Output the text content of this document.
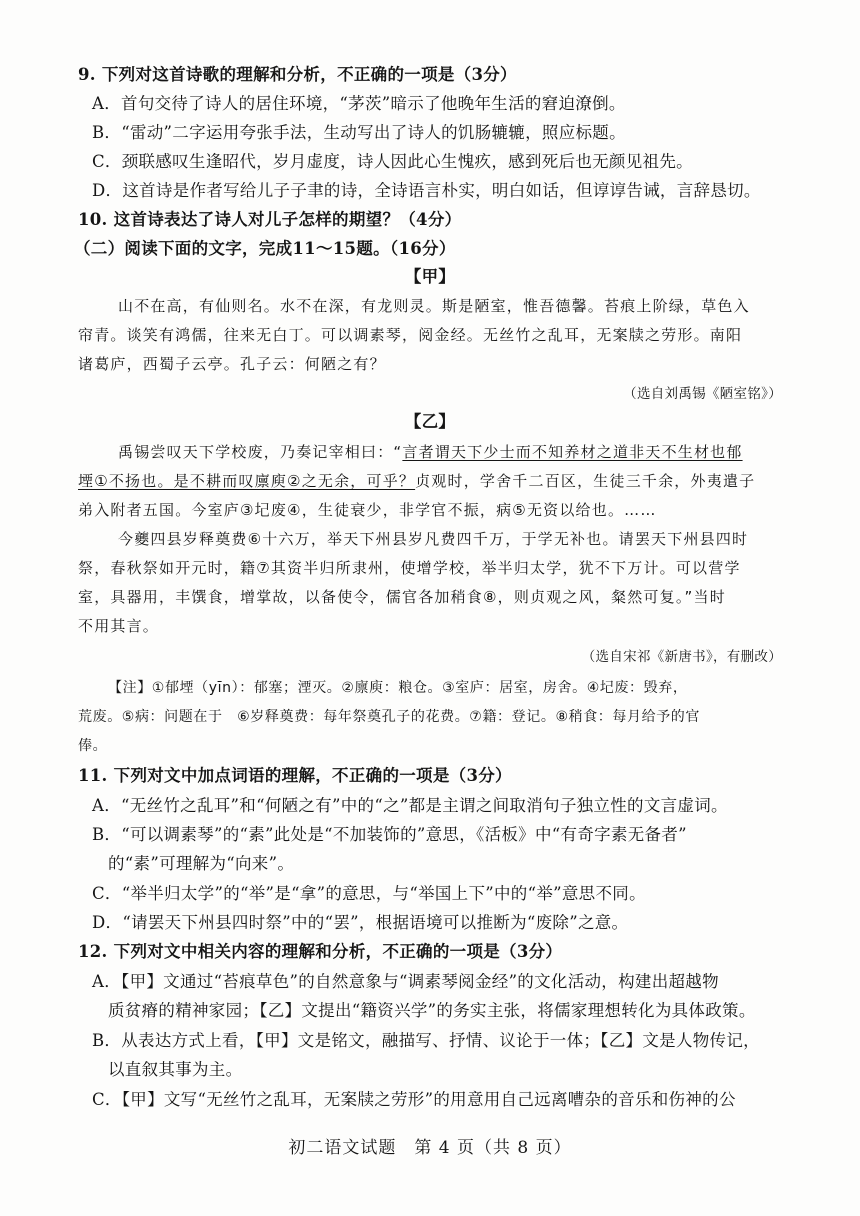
9. 下列对这首诗歌的理解和分析，不正确的一项是（3分）
A．首句交待了诗人的居住环境，“茅茨”暗示了他晚年生活的窘迫潦倒。
B．“雷动”二字运用夸张手法，生动写出了诗人的饥肠辘辘，照应标题。
C．颈联感叹生逢昭代，岁月虚度，诗人因此心生愧疚，感到死后也无颜见祖先。
D．这首诗是作者写给儿子子聿的诗，全诗语言朴实，明白如话，但谆谆告诫，言辞恳切。
10. 这首诗表达了诗人对儿子怎样的期望？（4分）
（二）阅读下面的文字，完成11～15题。（16分）
【甲】
山不在高，有仙则名。水不在深，有龙则灵。斯是陋室，惟吾德馨。苔痕上阶绿，草色入
帘青。谈笑有鸿儒，往来无白丁。可以调素琴，阅金经。无丝竹之乱耳，无案牍之劳形。南阳
诸葛庐，西蜀子云亭。孔子云：何陋之有？
（选自刘禹锡《陋室铭》）
【乙】
禹锡尝叹天下学校废，乃奏记宰相曰：“言者谓天下少士而不知养材之道非天不生材也郁
堙①不扬也。是不耕而叹廪庾②之无余，可乎？贞观时，学舍千二百区，生徒三千余，外夷遣子
弟入附者五国。今室庐③圮废④，生徒衰少，非学官不振，病⑤无资以给也。……
今夔四县岁释奠费⑥十六万，举天下州县岁凡费四千万，于学无补也。请罢天下州县四时
祭，春秋祭如开元时，籍⑦其资半归所隶州，使增学校，举半归太学，犹不下万计。可以营学
室，具器用，丰馔食，增掌故，以备使令，儒官各加稍食⑧，则贞观之风，粲然可复。”当时
不用其言。
（选自宋祁《新唐书》，有删改）
【注】①郁堙（yīn）：郁塞；湮灭。②廪庾：粮仓。③室庐：居室，房舍。④圮废：毁弃，
荒废。⑤病：问题在于　⑥岁释奠费：每年祭奠孔子的花费。⑦籍：登记。⑧稍食：每月给予的官
俸。
11. 下列对文中加点词语的理解，不正确的一项是（3分）
A．“无丝竹之乱耳”和“何陋之有”中的“之”都是主谓之间取消句子独立性的文言虚词。
B．“可以调素琴”的“素”此处是“不加装饰的”意思，《活板》中“有奇字素无备者”
的“素”可理解为“向来”。
C．“举半归太学”的“举”是“拿”的意思，与“举国上下”中的“举”意思不同。
D．“请罢天下州县四时祭”中的“罢”，根据语境可以推断为“废除”之意。
12. 下列对文中相关内容的理解和分析，不正确的一项是（3分）
A．【甲】文通过“苔痕草色”的自然意象与“调素琴阅金经”的文化活动，构建出超越物
质贫瘠的精神家园；【乙】文提出“籍资兴学”的务实主张，将儒家理想转化为具体政策。
B．从表达方式上看，【甲】文是铭文，融描写、抒情、议论于一体；【乙】文是人物传记，
以直叙其事为主。
C．【甲】文写“无丝竹之乱耳，无案牍之劳形”的用意用自己远离嘈杂的音乐和伤神的公
初二语文试题　第 4 页（共 8 页）
